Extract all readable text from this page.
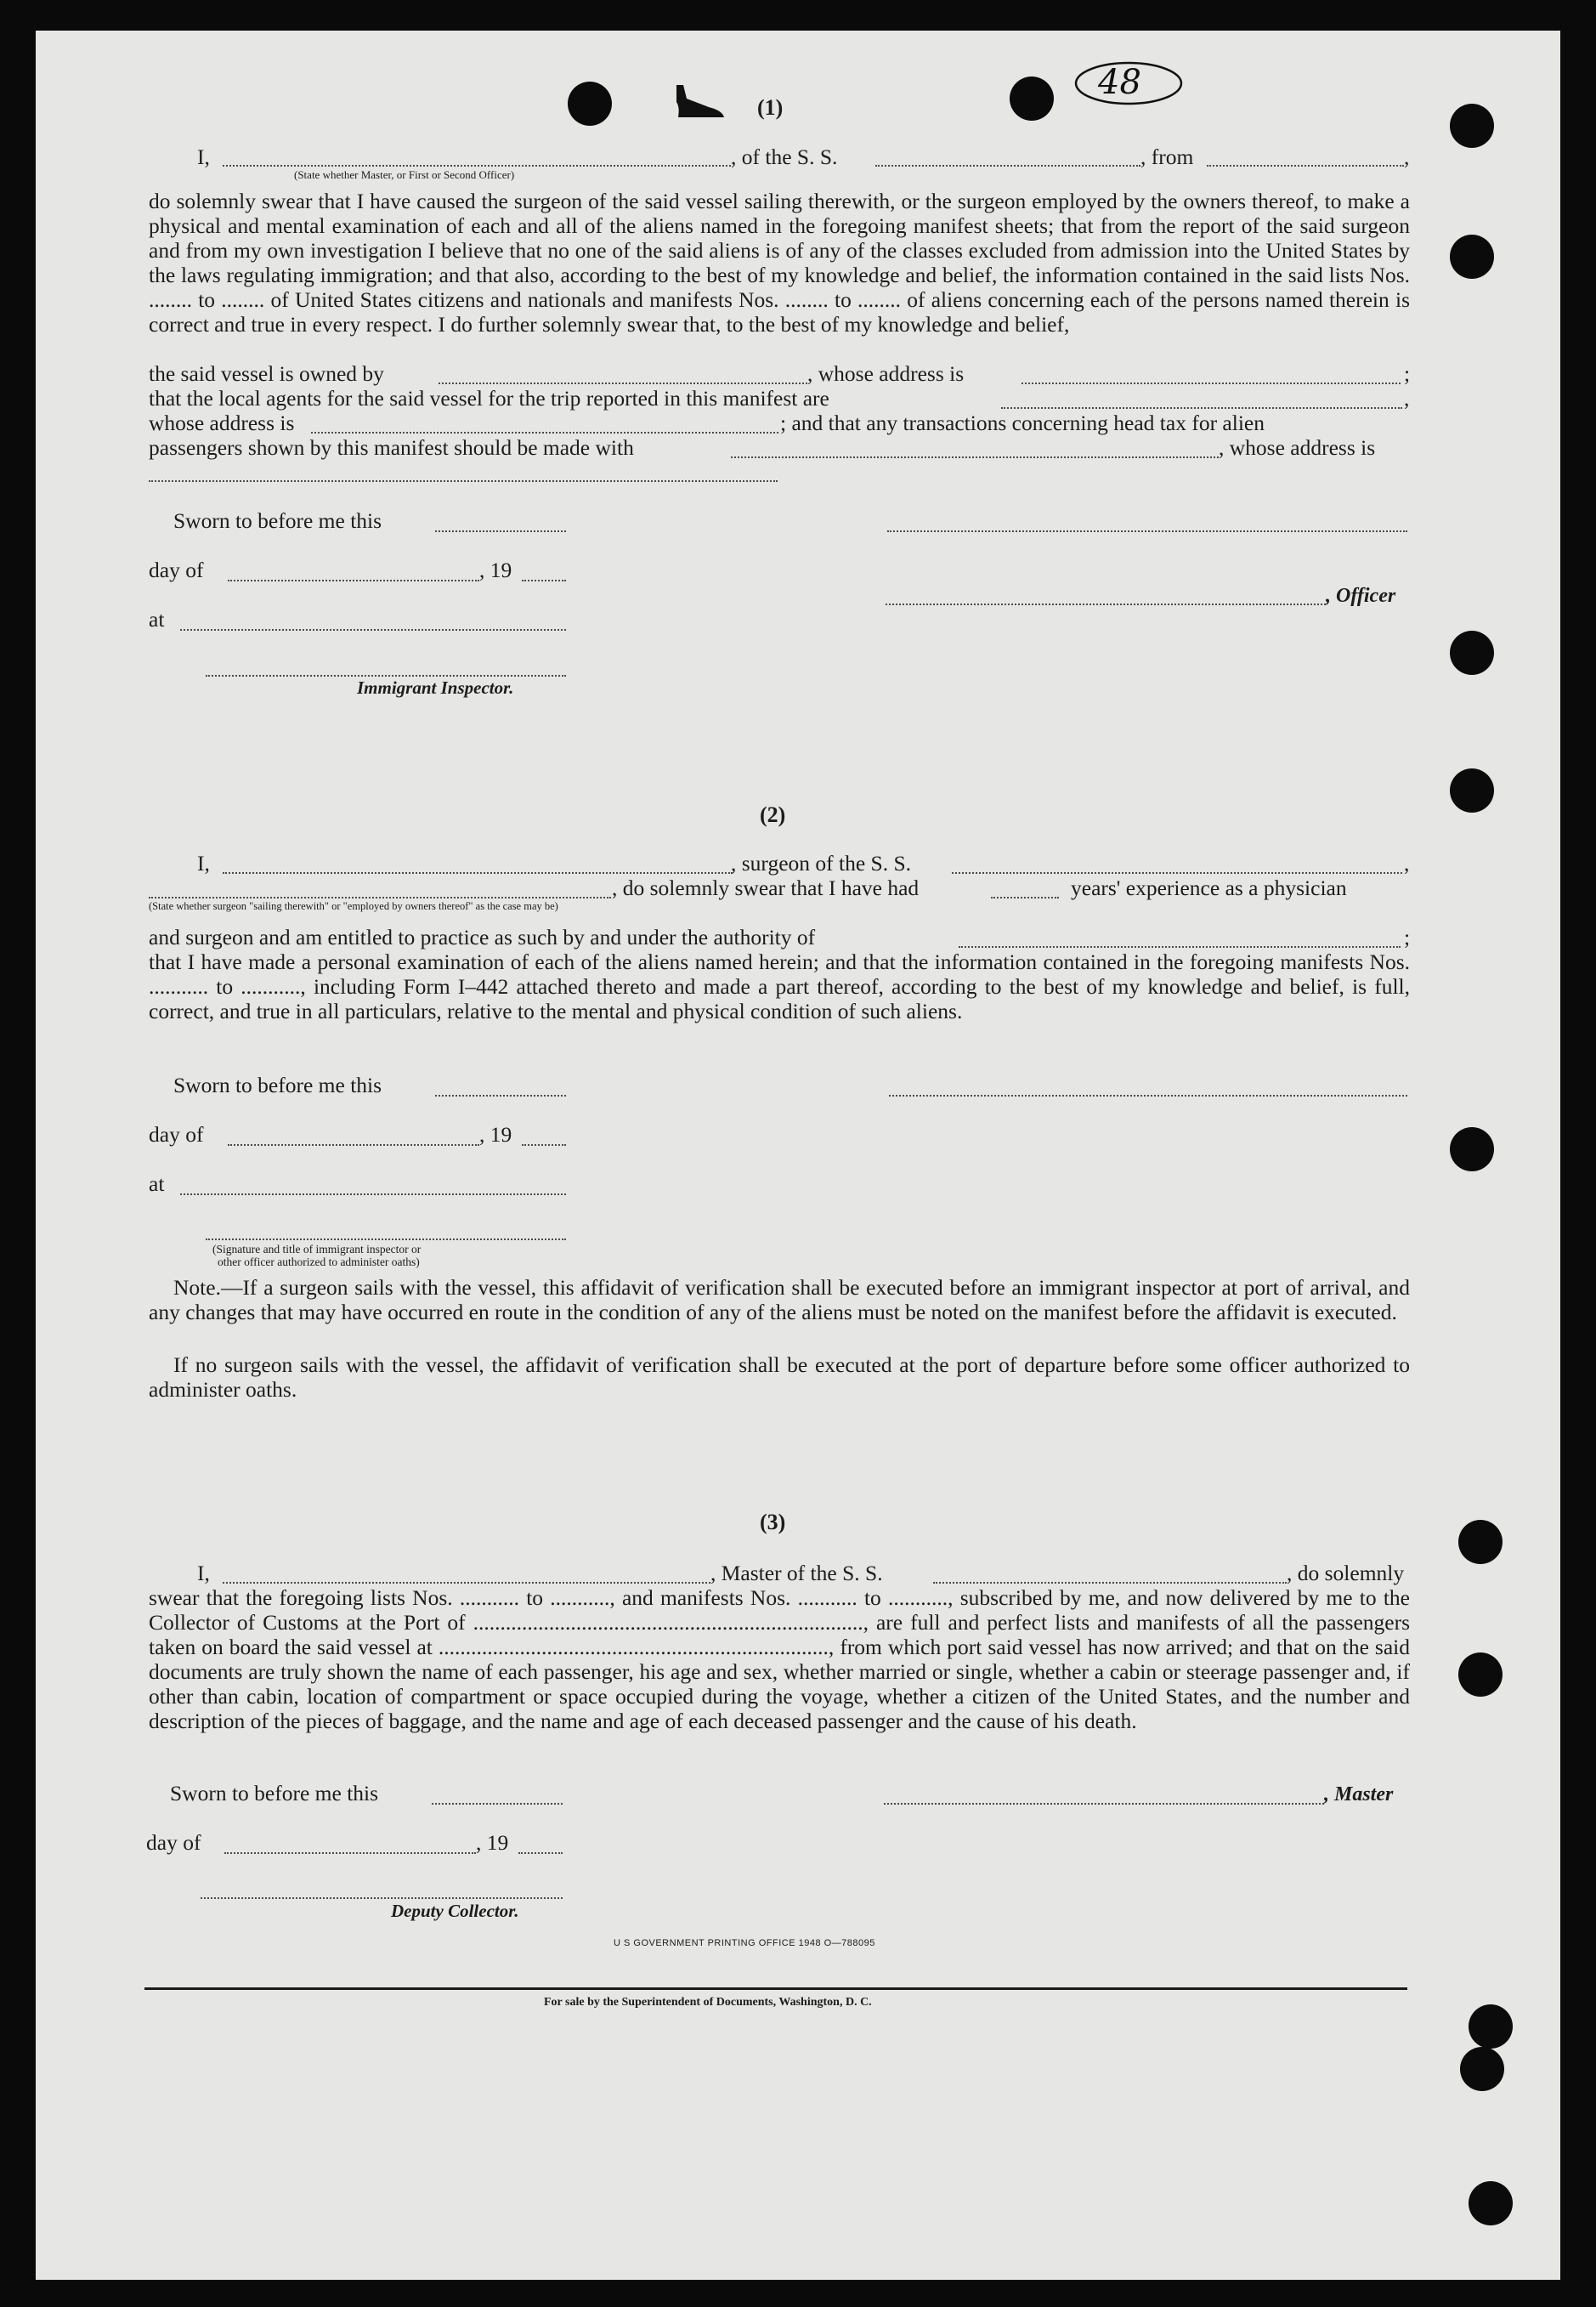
48
(1)
I,	, of the S. S.	, from	,
(State whether Master, or First or Second Officer)

do solemnly swear that I have caused the surgeon of the said vessel sailing therewith, or the surgeon employed by the owners thereof, to make a physical and mental examination of each and all of the aliens named in the foregoing manifest sheets; that from the report of the said surgeon and from my own investigation I believe that no one of the said aliens is of any of the classes excluded from admission into the United States by the laws regulating immigration; and that also, according to the best of my knowledge and belief, the information contained in the said lists Nos. ........ to ........ of United States citizens and nationals and manifests Nos. ........ to ........ of aliens concerning each of the persons named therein is correct and true in every respect. I do further solemnly swear that, to the best of my knowledge and belief,

the said vessel is owned by	, whose address is	;
that the local agents for the said vessel for the trip reported in this manifest are	,
whose address is	; and that any transactions concerning head tax for alien
passengers shown by this manifest should be made with	, whose address is
Sworn to before me this
day of	, 19
, Officer
at
Immigrant Inspector.
(2)
I,	, surgeon of the S. S.	,
, do solemnly swear that I have had	years' experience as a physician
(State whether surgeon "sailing therewith" or "employed by owners thereof" as the case may be)
and surgeon and am entitled to practice as such by and under the authority of	;

that I have made a personal examination of each of the aliens named herein; and that the information contained in the foregoing manifests Nos. ........... to ..........., including Form I–442 attached thereto and made a part thereof, according to the best of my knowledge and belief, is full, correct, and true in all particulars, relative to the mental and physical condition of such aliens.

Sworn to before me this
day of	, 19
at
(Signature and title of immigrant inspector or
other officer authorized to administer oaths)

Note.—If a surgeon sails with the vessel, this affidavit of verification shall be executed before an immigrant inspector at port of arrival, and any changes that may have occurred en route in the condition of any of the aliens must be noted on the manifest before the affidavit is executed.

If no surgeon sails with the vessel, the affidavit of verification shall be executed at the port of departure before some officer authorized to administer oaths.

(3)
I,	, Master of the S. S.	, do solemnly

swear that the foregoing lists Nos. ........... to ..........., and manifests Nos. ........... to ..........., subscribed by me, and now delivered by me to the Collector of Customs at the Port of ........................................................................, are full and perfect lists and manifests of all the passengers taken on board the said vessel at ........................................................................, from which port said vessel has now arrived; and that on the said documents are truly shown the name of each passenger, his age and sex, whether married or single, whether a cabin or steerage passenger and, if other than cabin, location of compartment or space occupied during the voyage, whether a citizen of the United States, and the number and description of the pieces of baggage, and the name and age of each deceased passenger and the cause of his death.

Sworn to before me this	, Master
day of	, 19
Deputy Collector.
U S GOVERNMENT PRINTING OFFICE 1948 O—788095
For sale by the Superintendent of Documents, Washington, D. C.
